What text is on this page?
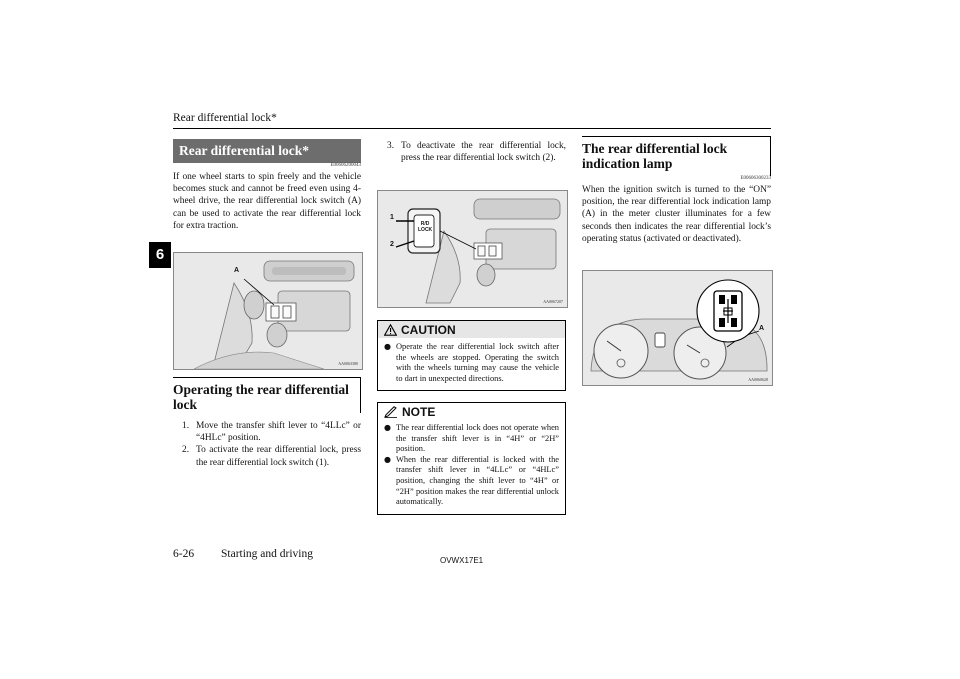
Rear differential lock*
6
Rear differential lock*
E00606200043
If one wheel starts to spin freely and the vehicle becomes stuck and cannot be freed even using 4-wheel drive, the rear differential lock switch (A) can be used to activate the rear differential lock for extra traction.
A
AA0063380
Operating the rear differential lock
1. Move the transfer shift lever to “4LLc” or “4HLc” position.
2. To activate the rear differential lock, press the rear differential lock switch (1).
3. To deactivate the rear differential lock, press the rear differential lock switch (2).
R/D
LOCK
1
2
AA0067207
CAUTION
● Operate the rear differential lock switch after the wheels are stopped. Operating the switch with the wheels turning may cause the vehicle to dart in unexpected directions.
NOTE
● The rear differential lock does not operate when the transfer shift lever is in “4H” or “2H” position.
● When the rear differential is locked with the transfer shift lever in “4LLc” or “4HLc” position, changing the shift lever to “4H” or “2H” position makes the rear differential unlock automatically.
The rear differential lock indication lamp
E00606300233
When the ignition switch is turned to the “ON” position, the rear differential lock indication lamp (A) in the meter cluster illuminates for a few seconds then indicates the rear differential lock’s operating status (activated or deactivated).
A
AA0060628
6-26 Starting and driving
OVWX17E1
